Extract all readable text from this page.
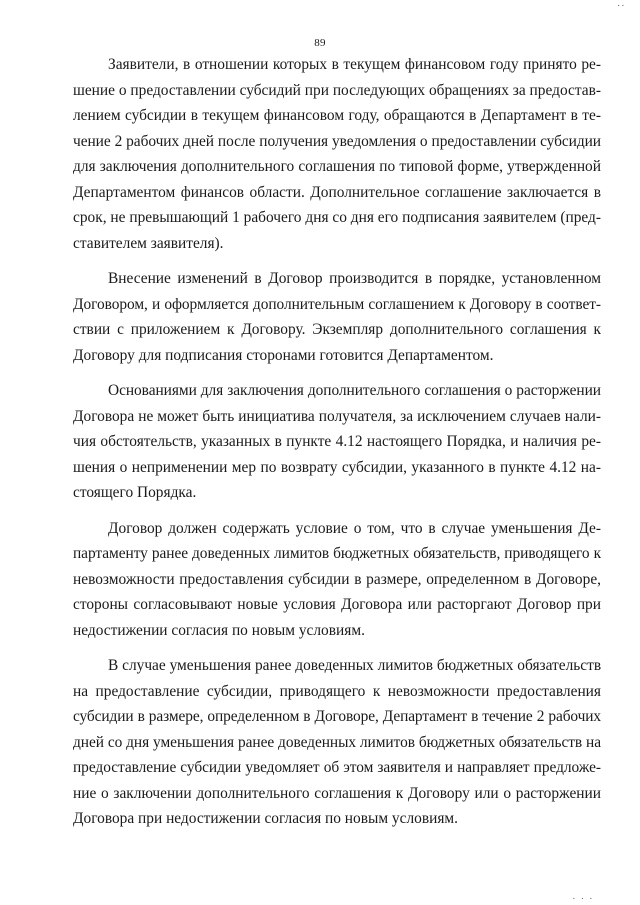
..
89

Заявители, в отношении которых в текущем финансовом году принято ре-
шение о предоставлении субсидий при последующих обращениях за предостав-
лением субсидии в текущем финансовом году, обращаются в Департамент в те-
чение 2 рабочих дней после получения уведомления о предоставлении субсидии
для заключения дополнительного соглашения по типовой форме, утвержденной
Департаментом финансов области. Дополнительное соглашение заключается в
срок, не превышающий 1 рабочего дня со дня его подписания заявителем (пред-
ставителем заявителя).

Внесение изменений в Договор производится в порядке, установленном
Договором, и оформляется дополнительным соглашением к Договору в соответ-
ствии с приложением к Договору. Экземпляр дополнительного соглашения к
Договору для подписания сторонами готовится Департаментом.

Основаниями для заключения дополнительного соглашения о расторжении
Договора не может быть инициатива получателя, за исключением случаев нали-
чия обстоятельств, указанных в пункте 4.12 настоящего Порядка, и наличия ре-
шения о неприменении мер по возврату субсидии, указанного в пункте 4.12 на-
стоящего Порядка.

Договор должен содержать условие о том, что в случае уменьшения Де-
партаменту ранее доведенных лимитов бюджетных обязательств, приводящего к
невозможности предоставления субсидии в размере, определенном в Договоре,
стороны согласовывают новые условия Договора или расторгают Договор при
недостижении согласия по новым условиям.

В случае уменьшения ранее доведенных лимитов бюджетных обязательств
на предоставление субсидии, приводящего к невозможности предоставления
субсидии в размере, определенном в Договоре, Департамент в течение 2 рабочих
дней со дня уменьшения ранее доведенных лимитов бюджетных обязательств на
предоставление субсидии уведомляет об этом заявителя и направляет предложе-
ние о заключении дополнительного соглашения к Договору или о расторжении
Договора при недостижении согласия по новым условиям.

. . .
